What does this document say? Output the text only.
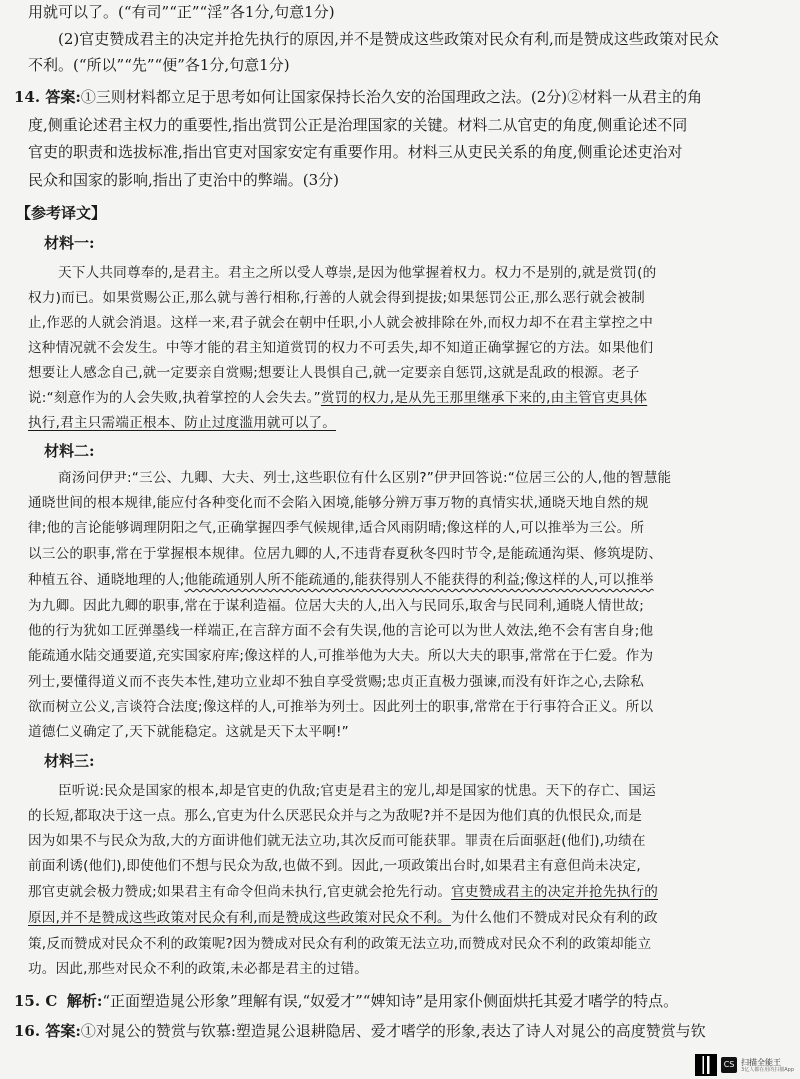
用就可以了。(“有司”“正”“淫”各1分,句意1分)
(2)官吏赞成君主的决定并抢先执行的原因,并不是赞成这些政策对民众有利,而是赞成这些政策对民众
不利。(“所以”“先”“便”各1分,句意1分)
14. 答案:①三则材料都立足于思考如何让国家保持长治久安的治国理政之法。(2分)②材料一从君主的角
度,侧重论述君主权力的重要性,指出赏罚公正是治理国家的关键。材料二从官吏的角度,侧重论述不同
官吏的职责和选拔标准,指出官吏对国家安定有重要作用。材料三从吏民关系的角度,侧重论述吏治对
民众和国家的影响,指出了吏治中的弊端。(3分)
【参考译文】
材料一:
天下人共同尊奉的,是君主。君主之所以受人尊崇,是因为他掌握着权力。权力不是别的,就是赏罚(的
权力)而已。如果赏赐公正,那么就与善行相称,行善的人就会得到提拔;如果惩罚公正,那么恶行就会被制
止,作恶的人就会消退。这样一来,君子就会在朝中任职,小人就会被排除在外,而权力却不在君主掌控之中
这种情况就不会发生。中等才能的君主知道赏罚的权力不可丢失,却不知道正确掌握它的方法。如果他们
想要让人感念自己,就一定要亲自赏赐;想要让人畏惧自己,就一定要亲自惩罚,这就是乱政的根源。老子
说:“刻意作为的人会失败,执着掌控的人会失去。”赏罚的权力,是从先王那里继承下来的,由主管官吏具体
执行,君主只需端正根本、防止过度滥用就可以了。
材料二:
商汤问伊尹:“三公、九卿、大夫、列士,这些职位有什么区别?”伊尹回答说:“位居三公的人,他的智慧能
通晓世间的根本规律,能应付各种变化而不会陷入困境,能够分辨万事万物的真情实状,通晓天地自然的规
律;他的言论能够调理阴阳之气,正确掌握四季气候规律,适合风雨阴晴;像这样的人,可以推举为三公。所
以三公的职事,常在于掌握根本规律。位居九卿的人,不违背春夏秋冬四时节令,是能疏通沟渠、修筑堤防、
种植五谷、通晓地理的人;他能疏通别人所不能疏通的,能获得别人不能获得的利益;像这样的人,可以推举
为九卿。因此九卿的职事,常在于谋利造福。位居大夫的人,出入与民同乐,取舍与民同利,通晓人情世故;
他的行为犹如工匠弹墨线一样端正,在言辞方面不会有失误,他的言论可以为世人效法,绝不会有害自身;他
能疏通水陆交通要道,充实国家府库;像这样的人,可推举他为大夫。所以大夫的职事,常常在于仁爱。作为
列士,要懂得道义而不丧失本性,建功立业却不独自享受赏赐;忠贞正直极力强谏,而没有奸诈之心,去除私
欲而树立公义,言谈符合法度;像这样的人,可推举为列士。因此列士的职事,常常在于行事符合正义。所以
道德仁义确定了,天下就能稳定。这就是天下太平啊!”
材料三:
臣听说:民众是国家的根本,却是官吏的仇敌;官吏是君主的宠儿,却是国家的忧患。天下的存亡、国运
的长短,都取决于这一点。那么,官吏为什么厌恶民众并与之为敌呢?并不是因为他们真的仇恨民众,而是
因为如果不与民众为敌,大的方面讲他们就无法立功,其次反而可能获罪。罪责在后面驱赶(他们),功绩在
前面利诱(他们),即使他们不想与民众为敌,也做不到。因此,一项政策出台时,如果君主有意但尚未决定,
那官吏就会极力赞成;如果君主有命令但尚未执行,官吏就会抢先行动。官吏赞成君主的决定并抢先执行的
原因,并不是赞成这些政策对民众有利,而是赞成这些政策对民众不利。为什么他们不赞成对民众有利的政
策,反而赞成对民众不利的政策呢?因为赞成对民众有利的政策无法立功,而赞成对民众不利的政策却能立
功。因此,那些对民众不利的政策,未必都是君主的过错。
15. C 解析:“正面塑造晁公形象”理解有误,“奴爱才”“婢知诗”是用家仆侧面烘托其爱才嗜学的特点。
16. 答案:①对晁公的赞赏与钦慕:塑造晁公退耕隐居、爱才嗜学的形象,表达了诗人对晁公的高度赞赏与钦
CS 扫描全能王
3亿人都在用的扫描App
